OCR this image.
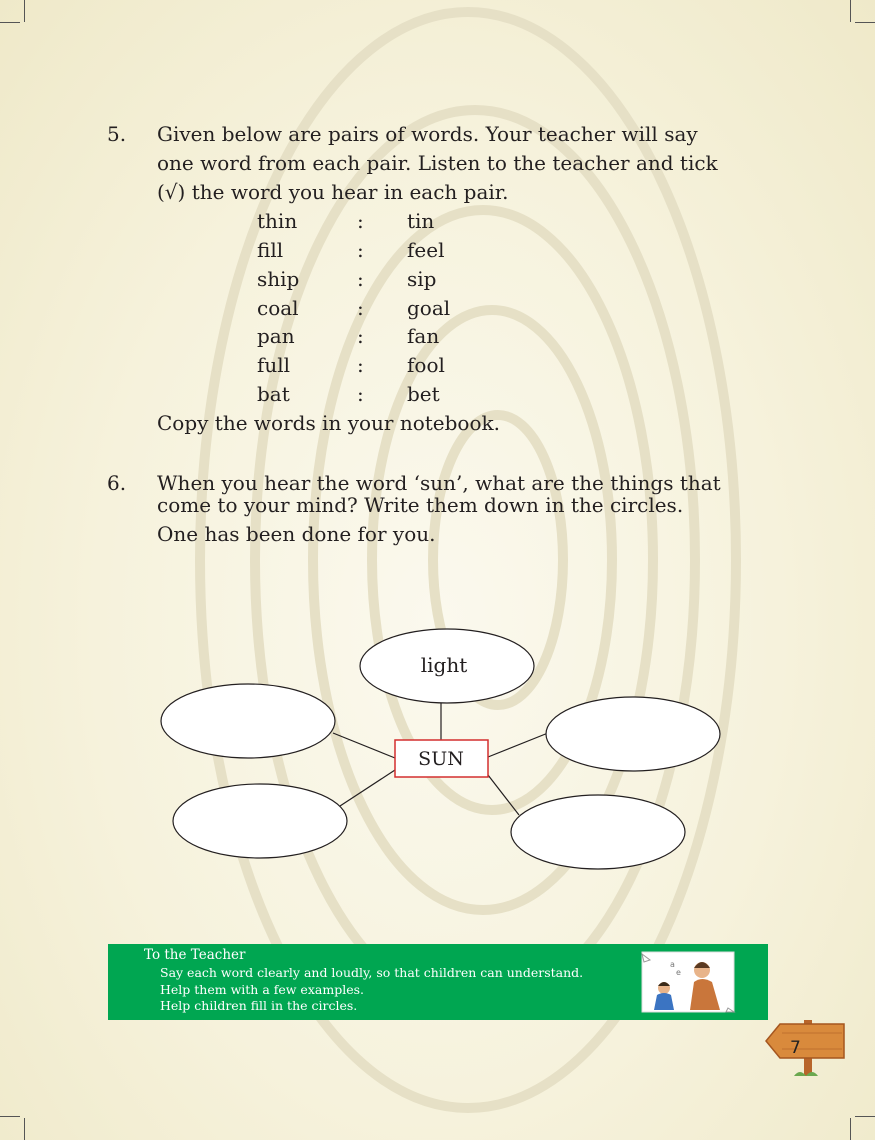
5. Given below are pairs of words. Your teacher will say
one word from each pair. Listen to the teacher and tick
(√) the word you hear in each pair.
thin	: tin
fill	: feel
ship	: sip
coal	: goal
pan	: fan
full	: fool
bat	: bet
Copy the words in your notebook.
6. When you hear the word ‘sun’, what are the things that
come to your mind? Write them down in the circles.
One has been done for you.
light
SUN
To the Teacher
Say each word clearly and loudly, so that children can understand.
Help them with a few examples.
Help children fill in the circles.
a
e
7
